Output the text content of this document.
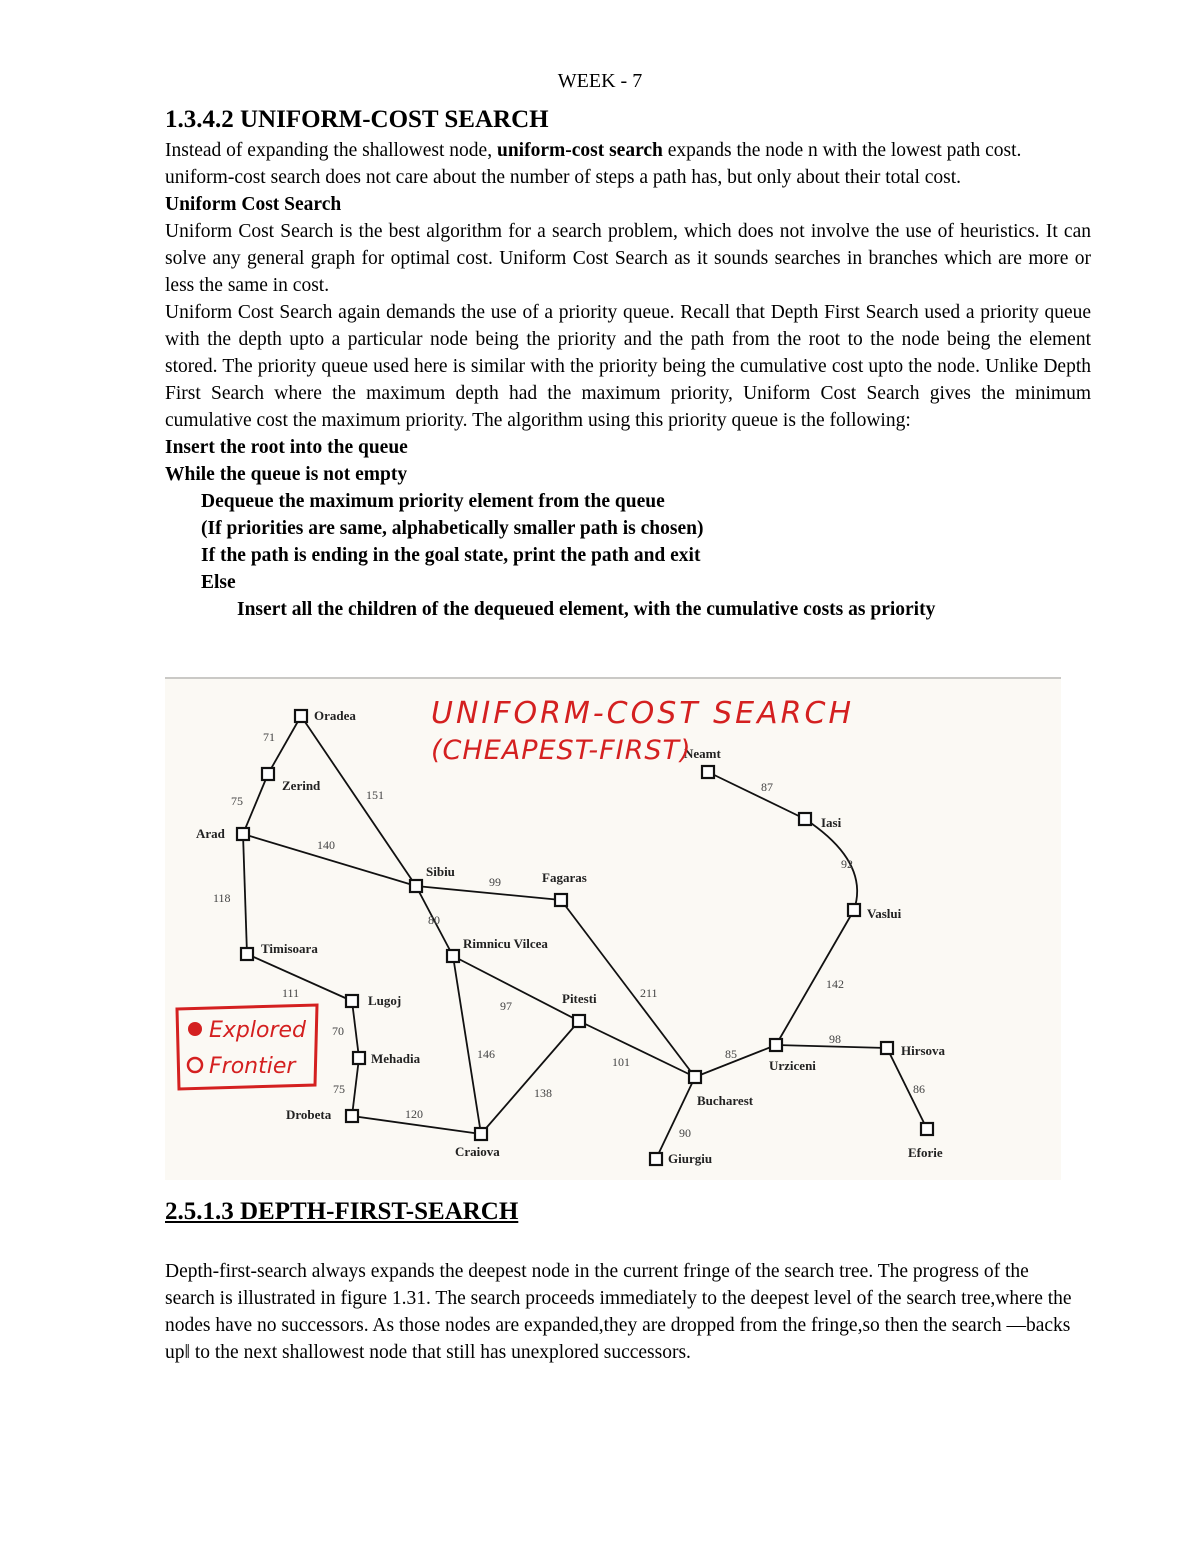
WEEK - 7
1.3.4.2 UNIFORM-COST SEARCH

Instead of expanding the shallowest node, uniform-cost search expands the node n with the lowest path cost. uniform-cost search does not care about the number of steps a path has, but only about their total cost.

Uniform Cost Search

Uniform Cost Search is the best algorithm for a search problem, which does not involve the use of heuristics. It can solve any general graph for optimal cost. Uniform Cost Search as it sounds searches in branches which are more or less the same in cost.

Uniform Cost Search again demands the use of a priority queue. Recall that Depth First Search used a priority queue with the depth upto a particular node being the priority and the path from the root to the node being the element stored. The priority queue used here is similar with the priority being the cumulative cost upto the node. Unlike Depth First Search where the maximum depth had the maximum priority, Uniform Cost Search gives the minimum cumulative cost the maximum priority. The algorithm using this priority queue is the following:

Insert the root into the queue

While the queue is not empty

Dequeue the maximum priority element from the queue

(If priorities are same, alphabetically smaller path is chosen)

If the path is ending in the goal state, print the path and exit

Else

Insert all the children of the dequeued element, with the cumulative costs as priority

Oradea
Zerind
Arad
Timisoara
Lugoj
Mehadia
Drobeta
Craiova
Sibiu
Rimnicu Vilcea
Fagaras
Pitesti
Bucharest
Giurgiu
Urziceni
Hirsova
Eforie
Vaslui
Iasi
Neamt
71
75	151
140
118
111
70
75
120
99
80
97
146
138
211
101
90
85
98
86
142
92
87
UNIFORM-COST SEARCH
(CHEAPEST-FIRST)
Explored
Frontier
2.5.1.3 DEPTH-FIRST-SEARCH

Depth-first-search always expands the deepest node in the current fringe of the search tree. The progress of the search is illustrated in figure 1.31. The search proceeds immediately to the deepest level of the search tree,where the nodes have no successors. As those nodes are expanded,they are dropped from the fringe,so then the search —backs up‖ to the next shallowest node that still has unexplored successors.
